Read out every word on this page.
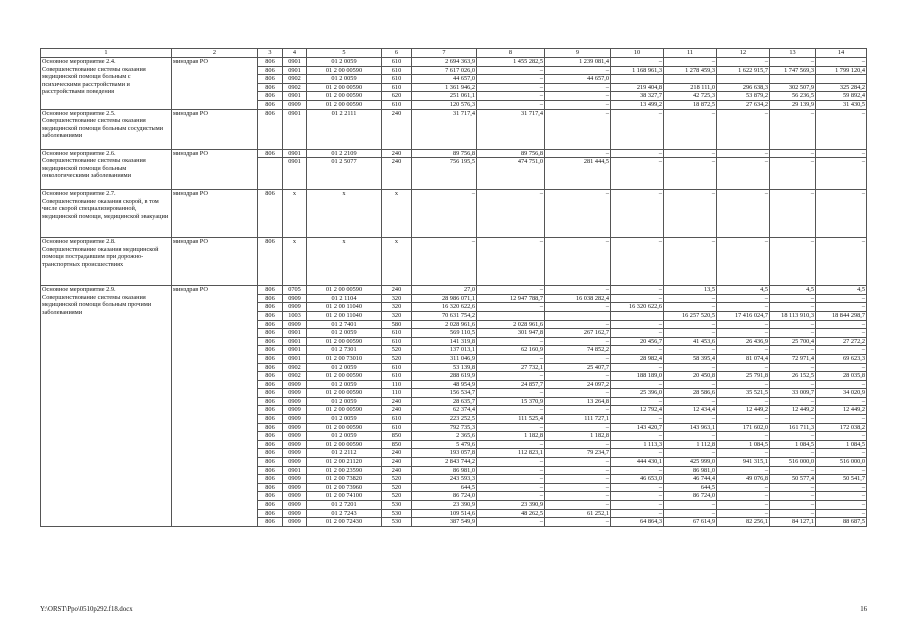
1	2	3	4	5	6	7	8	9	10	11	12	13	14
Основное мероприятие 2.4. Совершенствование системы оказания медицинской помощи больным с психическими расстройствами и расстройствами поведения	минздрав РО	806	0901	01 2 0059	610	2 694 363,9	1 455 282,5	1 239 081,4	–	–	–	–	–
		806	0901	01 2 00 00590	610	7 617 026,0	–	–	1 168 961,3	1 278 459,3	1 622 915,7	1 747 569,3	1 799 120,4
		806	0902	01 2 0059	610	44 657,0	–	44 657,0					
		806	0902	01 2 00 00590	610	1 361 946,2	–	–	219 404,8	218 111,0	296 638,3	302 507,9	325 284,2
		806	0901	01 2 00 00590	620	251 061,1	–	–	38 327,7	42 725,3	53 879,2	56 236,5	59 892,4
		806	0909	01 2 00 00590	610	120 576,3	–	–	13 499,2	18 872,5	27 634,2	29 139,9	31 430,5
Основное мероприятие 2.5. Совершенствование системы оказания медицинской помощи больным сосудистыми заболеваниями	минздрав РО	806	0901	01 2 2111	240	31 717,4	31 717,4	–	–	–	–	–	–
Основное мероприятие 2.6. Совершенствование системы оказания медицинской помощи больным онкологическими заболеваниями	минздрав РО	806	0901	01 2 2109	240	89 756,8	89 756,8	–	–	–	–	–	–
			0901	01 2 5077	240	756 195,5	474 751,0	281 444,5	–	–	–	–	–
Основное мероприятие 2.7. Совершенствование оказания скорой, в том числе скорой специализированной, медицинской помощи, медицинской эвакуации	минздрав РО	806	х	х	х	–	–	–	–	–	–	–	–
Основное мероприятие 2.8. Совершенствование оказания медицинской помощи пострадавшим при дорожно-транспортных происшествиях	минздрав РО	806	х	х	х	–	–	–	–	–	–	–	–
Основное мероприятие 2.9. Совершенствование системы оказания медицинской помощи больным прочими заболеваниями	минздрав РО	806	0705	01 2 00 00590	240	27,0	–	–	–	13,5	4,5	4,5	4,5
		806	0909	01 2 1104	320	28 986 071,1	12 947 788,7	16 038 282,4	–	–	–	–	–
		806	0909	01 2 00 11040	320	16 320 622,6	–	–	16 320 622,6	–	–	–	–
		806	1003	01 2 00 11040	320	70 631 754,2				16 257 520,5	17 416 024,7	18 113 910,3	18 844 298,7
		806	0909	01 2 7401	580	2 028 961,6	2 028 961,6	–	–	–	–	–	–
		806	0901	01 2 0059	610	569 110,5	301 947,8	267 162,7	–	–	–	–	–
		806	0901	01 2 00 00590	610	141 319,8	–	–	20 456,7	41 453,6	26 436,9	25 700,4	27 272,2
		806	0901	01 2 7301	520	137 013,1	62 160,9	74 852,2	–	–	–	–	–
		806	0901	01 2 00 73010	520	311 046,9	–	–	28 982,4	58 395,4	81 074,4	72 971,4	69 623,3
		806	0902	01 2 0059	610	53 139,8	27 732,1	25 407,7	–	–	–	–	–
		806	0902	01 2 00 00590	610	288 619,9	–	–	188 189,0	20 450,8	25 791,8	26 152,5	28 035,8
		806	0909	01 2 0059	110	48 954,9	24 857,7	24 097,2	–	–	–	–	–
		806	0909	01 2 00 00590	110	156 534,7	–	–	25 396,0	28 586,6	35 521,5	33 009,7	34 020,9
		806	0909	01 2 0059	240	28 635,7	15 370,9	13 264,8	–	–	–	–	–
		806	0909	01 2 00 00590	240	62 374,4	–	–	12 792,4	12 434,4	12 449,2	12 449,2	12 449,2
		806	0909	01 2 0059	610	223 252,5	111 525,4	111 727,1	–	–	–	–	–
		806	0909	01 2 00 00590	610	792 735,3	–	–	143 420,7	143 963,1	171 602,0	161 711,3	172 038,2
		806	0909	01 2 0059	850	2 365,6	1 182,8	1 182,8	–	–	–	–	–
		806	0909	01 2 00 00590	850	5 479,6	–	–	1 113,3	1 112,8	1 084,5	1 084,5	1 084,5
		806	0909	01 2 2112	240	193 057,8	112 823,1	79 234,7	–	–	–	–	–
		806	0909	01 2 00 21120	240	2 843 744,2	–	–	444 430,1	425 999,0	941 315,1	516 000,0	516 000,0
		806	0901	01 2 00 23590	240	86 981,0	–	–	–	86 981,0	–	–	–
		806	0909	01 2 00 73820	520	243 593,3	–	–	46 653,0	46 744,4	49 076,8	50 577,4	50 541,7
		806	0909	01 2 00 73960	520	644,5	–	–	–	644,5	–	–	–
		806	0909	01 2 00 74100	520	86 724,0	–	–	–	86 724,0	–	–	–
		806	0909	01 2 7201	530	23 390,9	23 390,9	–	–	–	–	–	–
		806	0909	01 2 7243	530	109 514,6	48 262,5	61 252,1	–	–	–	–	–
		806	0909	01 2 00 72430	530	387 549,9	–	–	64 864,3	67 614,9	82 256,1	84 127,1	88 687,5
Y:\ORST\Ppo\0510p292.f18.docx	16
